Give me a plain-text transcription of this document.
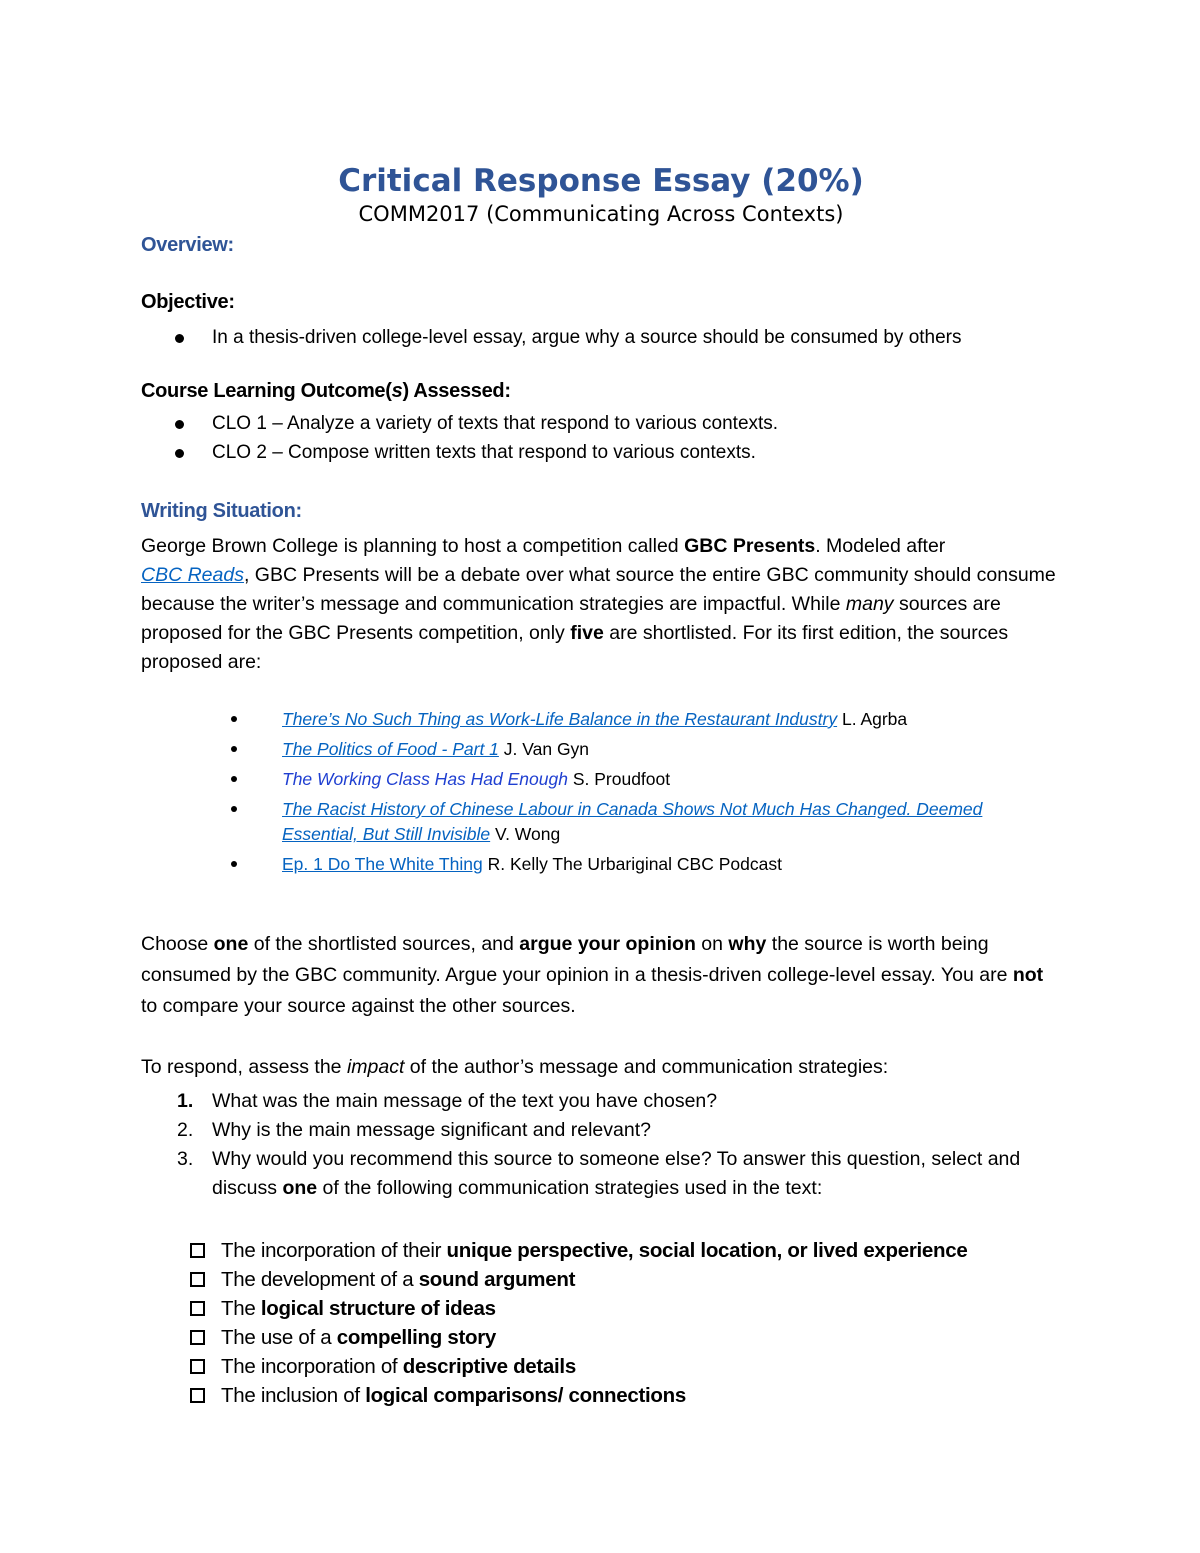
Critical Response Essay (20%)

COMM2017 (Communicating Across Contexts)

Overview:
Objective:
In a thesis-driven college-level essay, argue why a source should be consumed by others
Course Learning Outcome(s) Assessed:
CLO 1 – Analyze a variety of texts that respond to various contexts.
CLO 2 – Compose written texts that respond to various contexts.
Writing Situation:

George Brown College is planning to host a competition called GBC Presents. Modeled after
CBC Reads, GBC Presents will be a debate over what source the entire GBC community should consume because the writer’s message and communication strategies are impactful. While many sources are proposed for the GBC Presents competition, only five are shortlisted. For its first edition, the sources proposed are:

There’s No Such Thing as Work-Life Balance in the Restaurant Industry L. Agrba
The Politics of Food - Part 1 J. Van Gyn
The Working Class Has Had Enough S. Proudfoot
The Racist History of Chinese Labour in Canada Shows Not Much Has Changed. Deemed Essential, But Still Invisible V. Wong
Ep. 1 Do The White Thing R. Kelly The Urbariginal CBC Podcast

Choose one of the shortlisted sources, and argue your opinion on why the source is worth being consumed by the GBC community. Argue your opinion in a thesis-driven college-level essay. You are not to compare your source against the other sources.

To respond, assess the impact of the author’s message and communication strategies:

1. What was the main message of the text you have chosen?
2. Why is the main message significant and relevant?
3. Why would you recommend this source to someone else? To answer this question, select and discuss one of the following communication strategies used in the text:
The incorporation of their unique perspective, social location, or lived experience
The development of a sound argument
The logical structure of ideas
The use of a compelling story
The incorporation of descriptive details
The inclusion of logical comparisons/ connections
